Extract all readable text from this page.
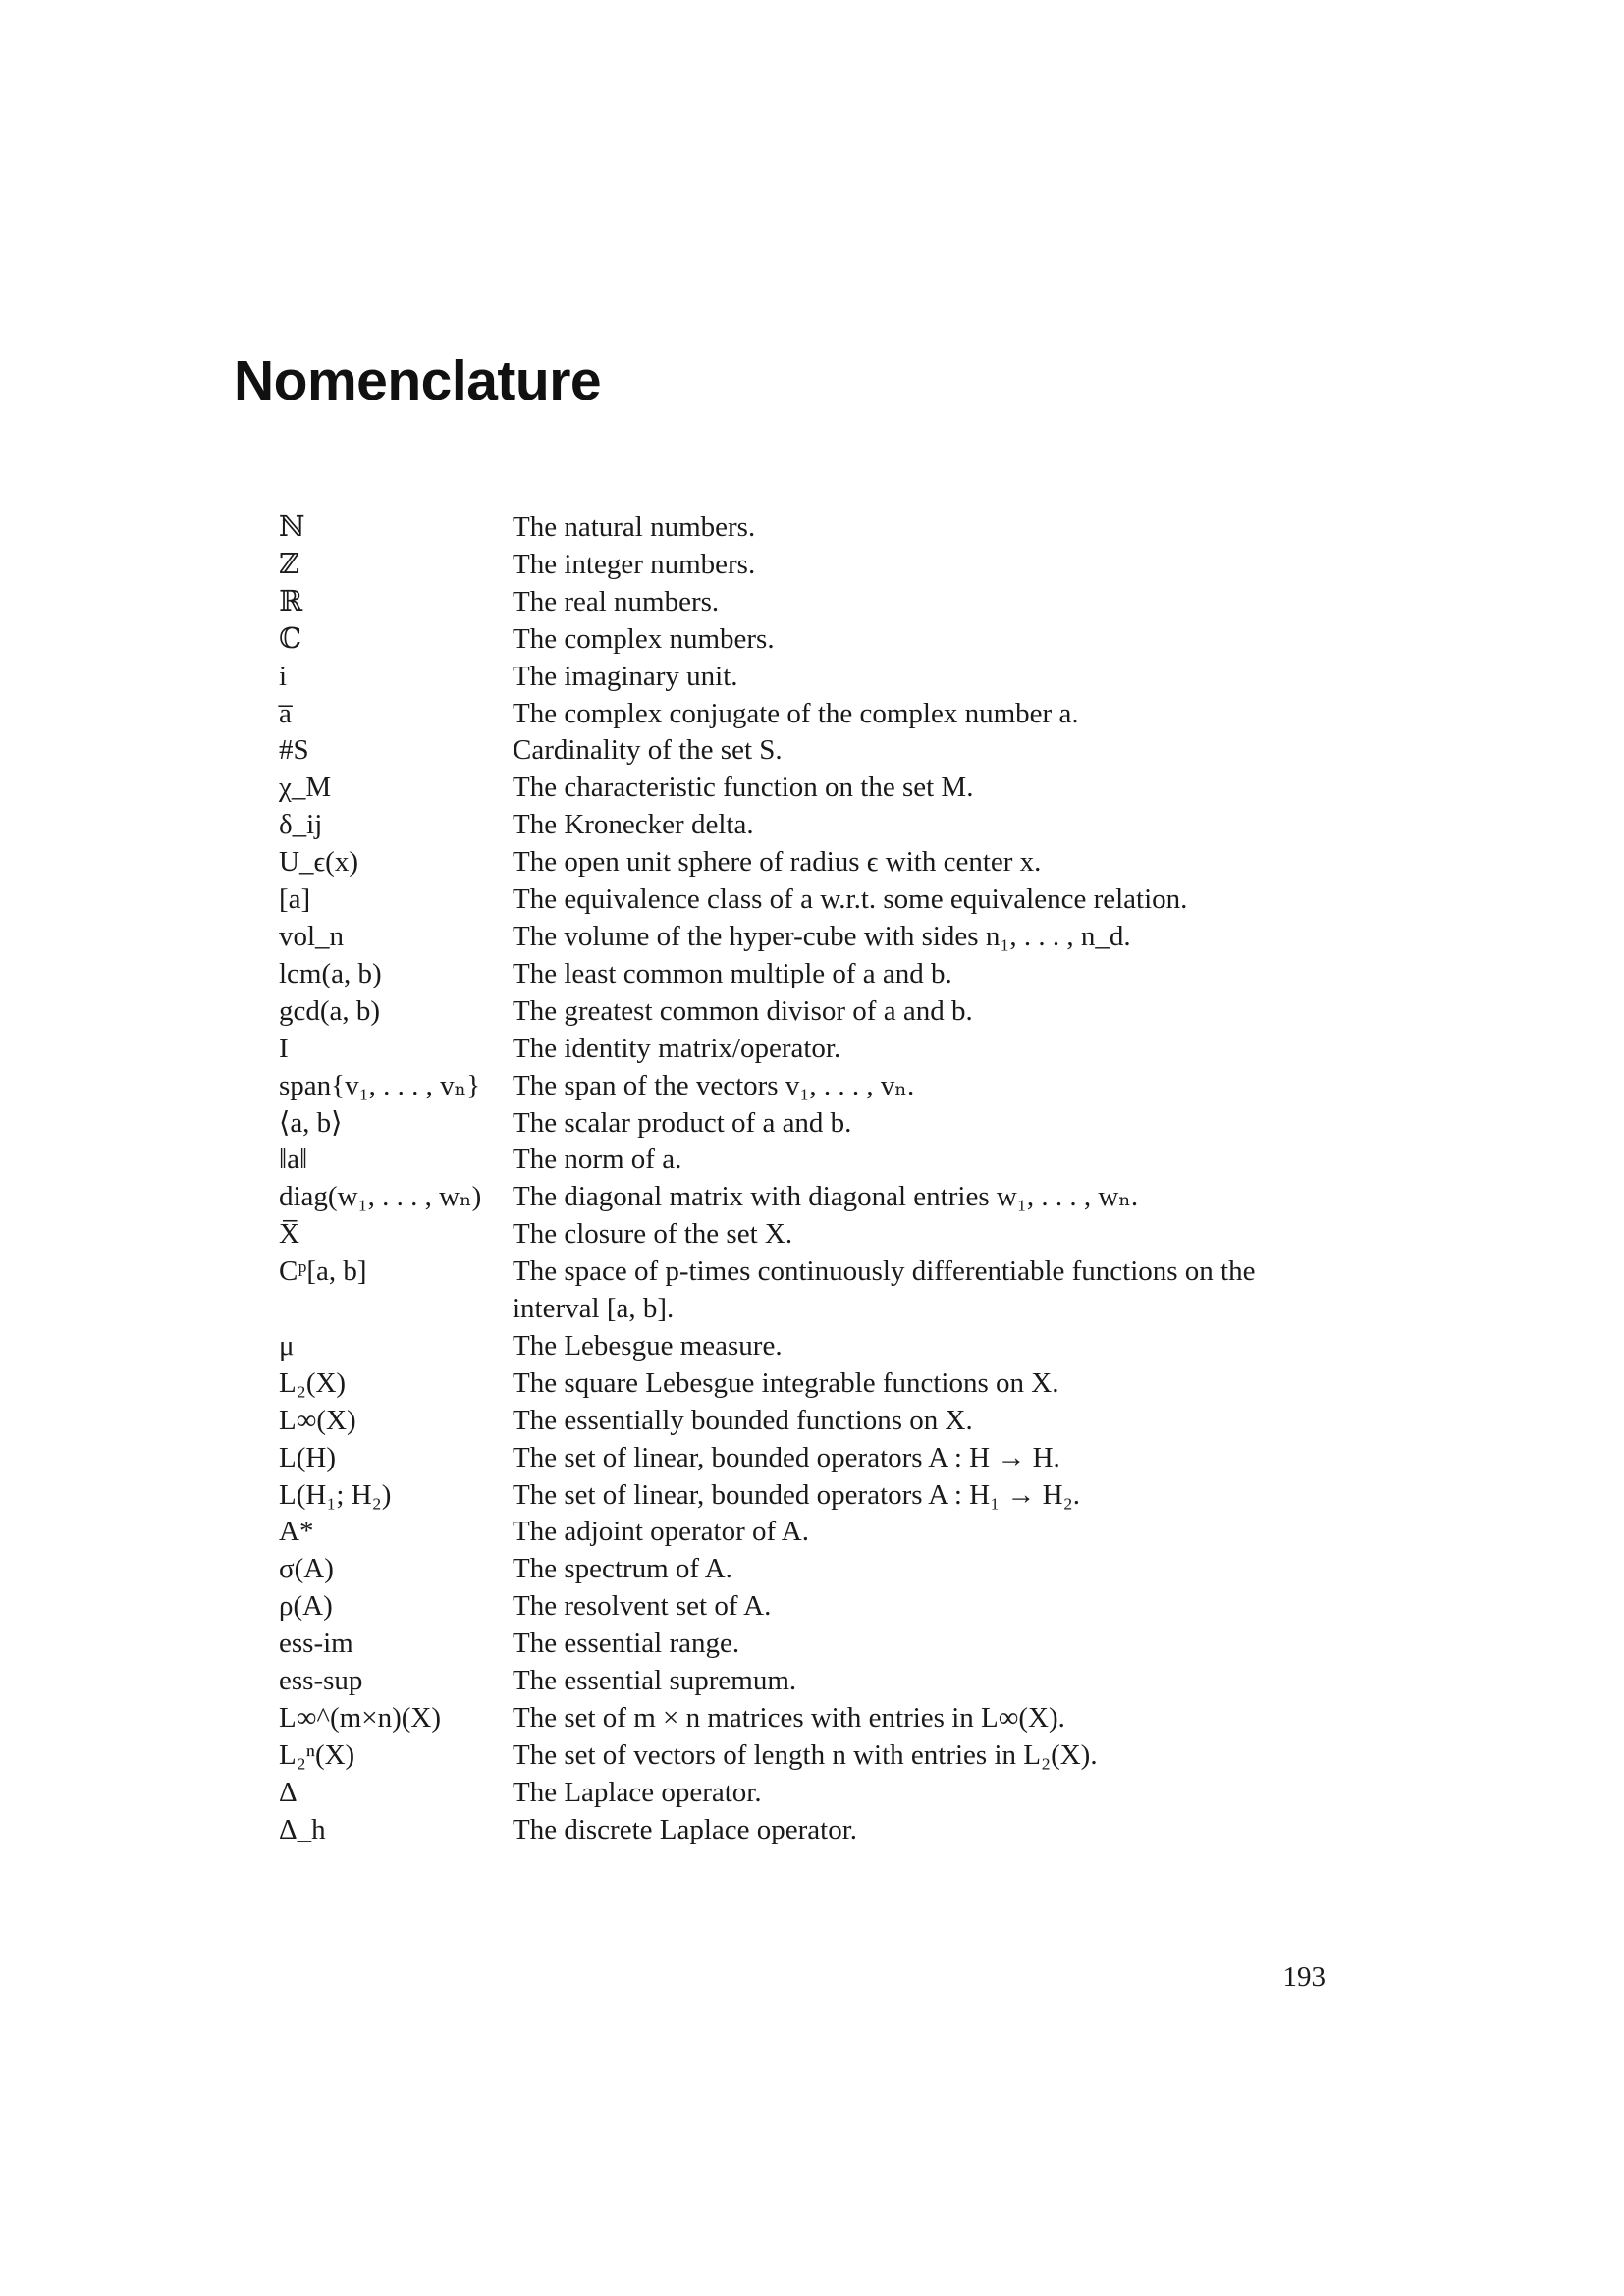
Nomenclature
ℕ	The natural numbers.
ℤ	The integer numbers.
ℝ	The real numbers.
ℂ	The complex numbers.
i	The imaginary unit.
a̅	The complex conjugate of the complex number a.
#S	Cardinality of the set S.
χ_M	The characteristic function on the set M.
δ_ij	The Kronecker delta.
U_ϵ(x)	The open unit sphere of radius ϵ with center x.
[a]	The equivalence class of a w.r.t. some equivalence relation.
vol_n	The volume of the hyper-cube with sides n₁, . . . , n_d.
lcm(a, b)	The least common multiple of a and b.
gcd(a, b)	The greatest common divisor of a and b.
I	The identity matrix/operator.
span{v₁, . . . , vₙ}	The span of the vectors v₁, . . . , vₙ.
⟨a, b⟩	The scalar product of a and b.
‖a‖	The norm of a.
diag(w₁, . . . , wₙ)	The diagonal matrix with diagonal entries w₁, . . . , wₙ.
X̅	The closure of the set X.
Cᵖ[a, b]	The space of p-times continuously differentiable functions on the interval [a, b].
μ	The Lebesgue measure.
L₂(X)	The square Lebesgue integrable functions on X.
L∞(X)	The essentially bounded functions on X.
L(H)	The set of linear, bounded operators A : H → H.
L(H₁; H₂)	The set of linear, bounded operators A : H₁ → H₂.
A*	The adjoint operator of A.
σ(A)	The spectrum of A.
ρ(A)	The resolvent set of A.
ess-im	The essential range.
ess-sup	The essential supremum.
L∞^(m×n)(X)	The set of m × n matrices with entries in L∞(X).
L₂ⁿ(X)	The set of vectors of length n with entries in L₂(X).
Δ	The Laplace operator.
Δ_h	The discrete Laplace operator.
193
